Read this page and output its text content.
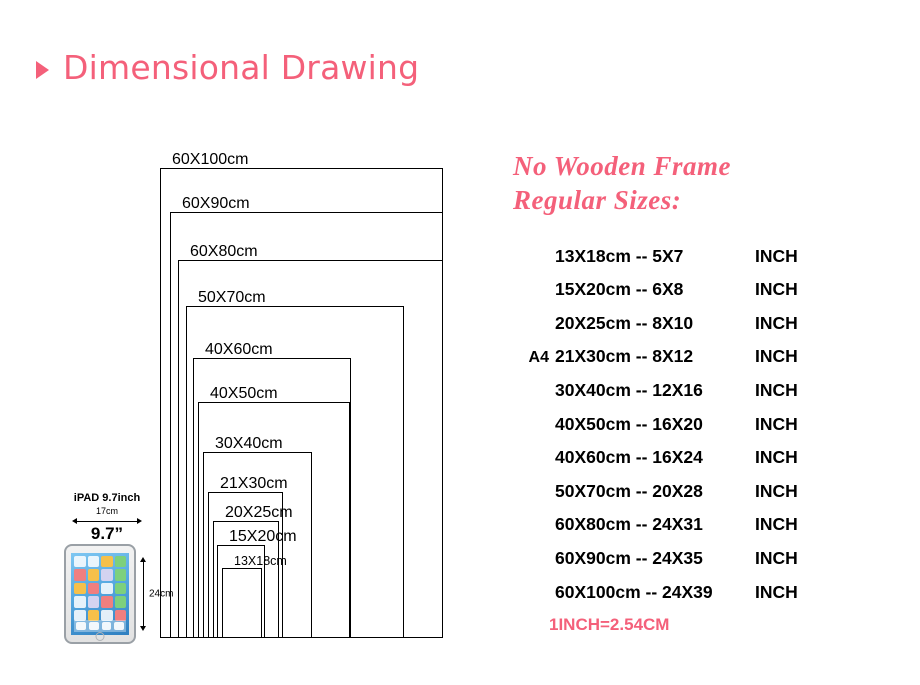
Dimensional Drawing
60X100cm
60X90cm
60X80cm
50X70cm
40X60cm
40X50cm
30X40cm
21X30cm
20X25cm
15X20cm
13X18cm
iPAD 9.7inch
17cm
9.7”
24cm
No Wooden Frame
Regular Sizes:
13X18cm -- 5X7	INCH
15X20cm -- 6X8	INCH
20X25cm -- 8X10	INCH
A4 21X30cm -- 8X12	INCH
30X40cm -- 12X16	INCH
40X50cm -- 16X20	INCH
40X60cm -- 16X24	INCH
50X70cm -- 20X28	INCH
60X80cm -- 24X31	INCH
60X90cm -- 24X35	INCH
60X100cm -- 24X39	INCH
1INCH=2.54CM
